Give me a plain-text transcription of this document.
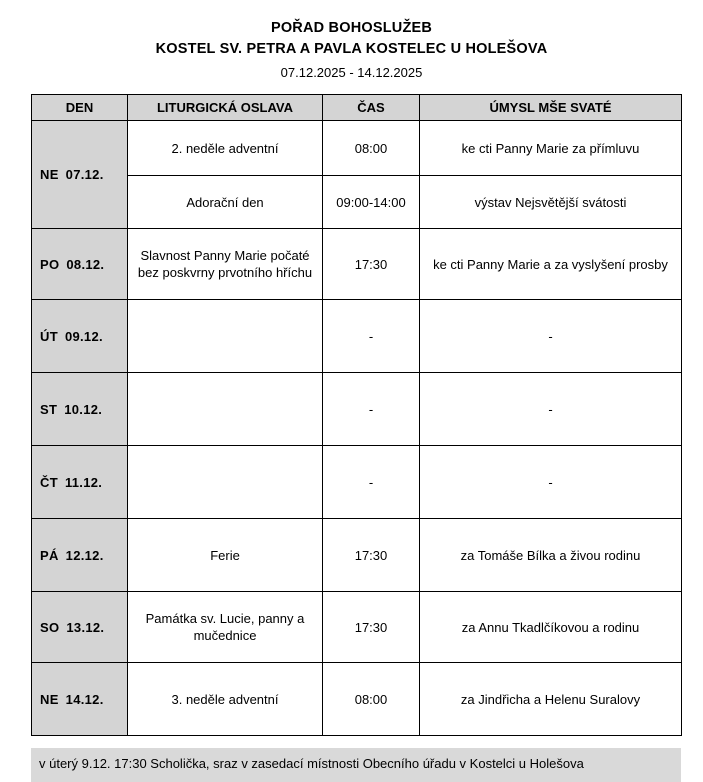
POŘAD BOHOSLUŽEB
KOSTEL SV. PETRA A PAVLA KOSTELEC U HOLEŠOVA
07.12.2025 - 14.12.2025
DEN	LITURGICKÁ OSLAVA	ČAS	ÚMYSL MŠE SVATÉ
NE 07.12.	2. neděle adventní	08:00	ke cti Panny Marie za přímluvu
	Adorační den	09:00-14:00	výstav Nejsvětější svátosti
PO 08.12.	Slavnost Panny Marie počaté bez poskvrny prvotního hříchu	17:30	ke cti Panny Marie a za vyslyšení prosby
ÚT 09.12.		-	-
ST 10.12.		-	-
ČT 11.12.		-	-
PÁ 12.12.	Ferie	17:30	za Tomáše Bílka a živou rodinu
SO 13.12.	Památka sv. Lucie, panny a mučednice	17:30	za Annu Tkadlčíkovou a rodinu
NE 14.12.	3. neděle adventní	08:00	za Jindřicha a Helenu Suralovy
v úterý 9.12. 17:30 Scholička, sraz v zasedací místnosti Obecního úřadu v Kostelci u Holešova
